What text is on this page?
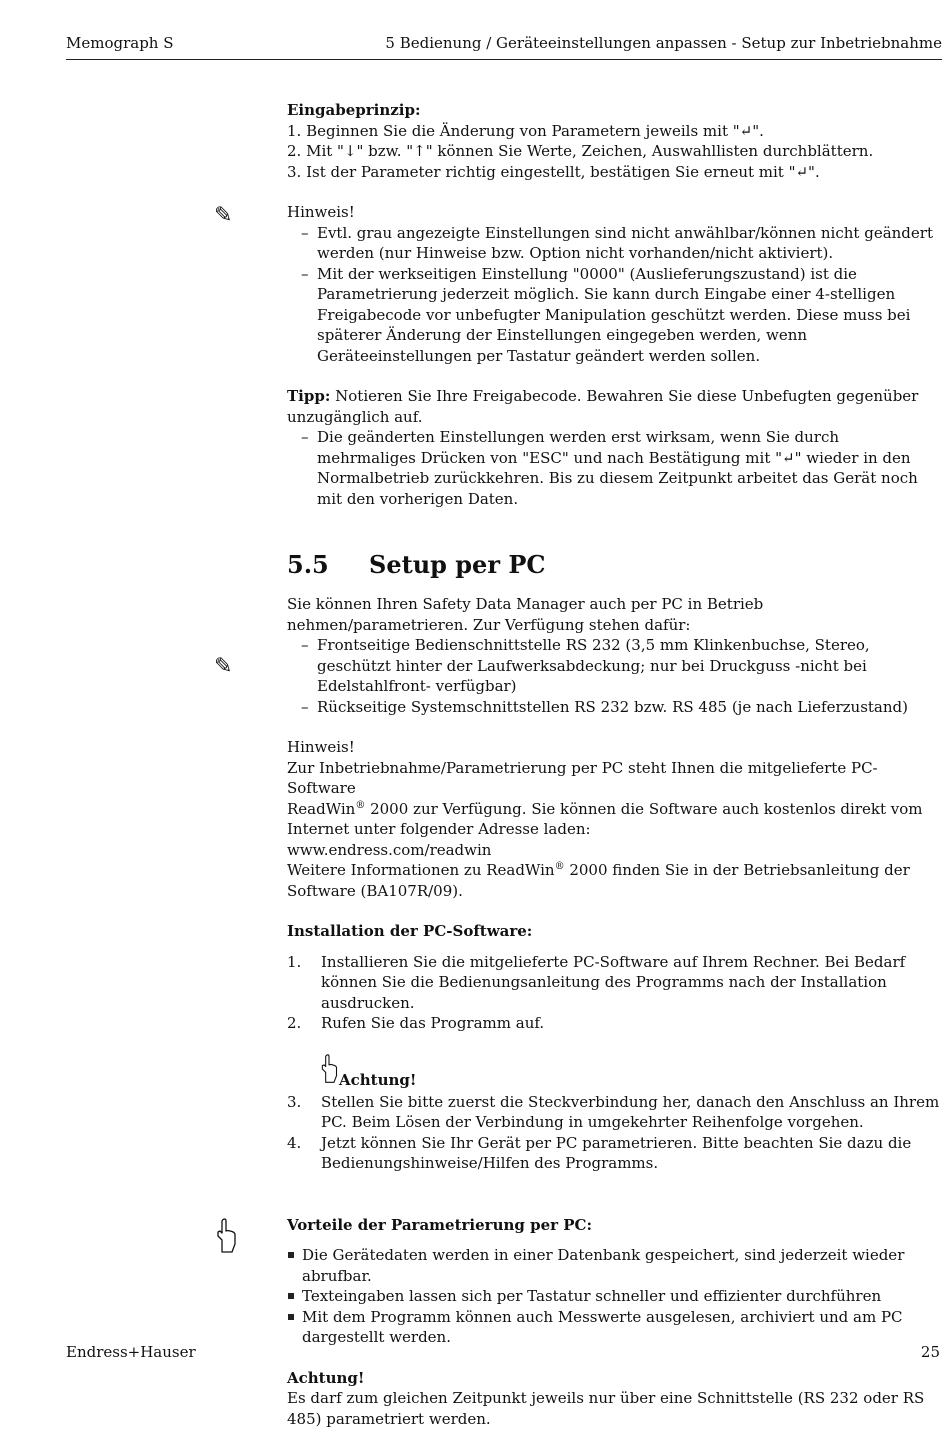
Memograph S	5 Bedienung / Geräteeinstellungen anpassen - Setup zur Inbetriebnahme
✎
✎

Eingabeprinzip:

1. Beginnen Sie die Änderung von Parametern jeweils mit "↵".

2. Mit "↓" bzw. "↑" können Sie Werte, Zeichen, Auswahllisten durchblättern.

3. Ist der Parameter richtig eingestellt, bestätigen Sie erneut mit "↵".

Hinweis!

– Evtl. grau angezeigte Einstellungen sind nicht anwählbar/können nicht geändert werden (nur Hinweise bzw. Option nicht vorhanden/nicht aktiviert).
– Mit der werkseitigen Einstellung "0000" (Auslieferungszustand) ist die Parametrierung jederzeit möglich. Sie kann durch Eingabe einer 4-stelligen Freigabecode vor unbefugter Manipulation geschützt werden. Diese muss bei späterer Änderung der Einstellungen eingegeben werden, wenn Geräteeinstellungen per Tastatur geändert werden sollen.

Tipp: Notieren Sie Ihre Freigabecode. Bewahren Sie diese Unbefugten gegenüber unzugänglich auf.

– Die geänderten Einstellungen werden erst wirksam, wenn Sie durch mehrmaliges Drücken von "ESC" und nach Bestätigung mit "↵" wieder in den Normalbetrieb zurückkehren. Bis zu diesem Zeitpunkt arbeitet das Gerät noch mit den vorherigen Daten.
5.5 Setup per PC

Sie können Ihren Safety Data Manager auch per PC in Betrieb nehmen/parametrieren. Zur Verfügung stehen dafür:

– Frontseitige Bedienschnittstelle RS 232 (3,5 mm Klinkenbuchse, Stereo, geschützt hinter der Laufwerksabdeckung; nur bei Druckguss -nicht bei Edelstahlfront- verfügbar)
– Rückseitige Systemschnittstellen RS 232 bzw. RS 485 (je nach Lieferzustand)

Hinweis!

Zur Inbetriebnahme/Parametrierung per PC steht Ihnen die mitgelieferte PC-Software

ReadWin® 2000 zur Verfügung. Sie können die Software auch kostenlos direkt vom Internet unter folgender Adresse laden:

www.endress.com/readwin

Weitere Informationen zu ReadWin® 2000 finden Sie in der Betriebsanleitung der Software (BA107R/09).

Installation der PC-Software:

1. Installieren Sie die mitgelieferte PC-Software auf Ihrem Rechner. Bei Bedarf können Sie die Bedienungsanleitung des Programms nach der Installation ausdrucken.
2. Rufen Sie das Programm auf.
Achtung!
3. Stellen Sie bitte zuerst die Steckverbindung her, danach den Anschluss an Ihrem PC. Beim Lösen der Verbindung in umgekehrter Reihenfolge vorgehen.
4. Jetzt können Sie Ihr Gerät per PC parametrieren. Bitte beachten Sie dazu die Bedienungshinweise/Hilfen des Programms.

Vorteile der Parametrierung per PC:

Die Gerätedaten werden in einer Datenbank gespeichert, sind jederzeit wieder abrufbar.
Texteingaben lassen sich per Tastatur schneller und effizienter durchführen
Mit dem Programm können auch Messwerte ausgelesen, archiviert und am PC dargestellt werden.

Achtung!

Es darf zum gleichen Zeitpunkt jeweils nur über eine Schnittstelle (RS 232 oder RS 485) parametriert werden.

Endress+Hauser	25
